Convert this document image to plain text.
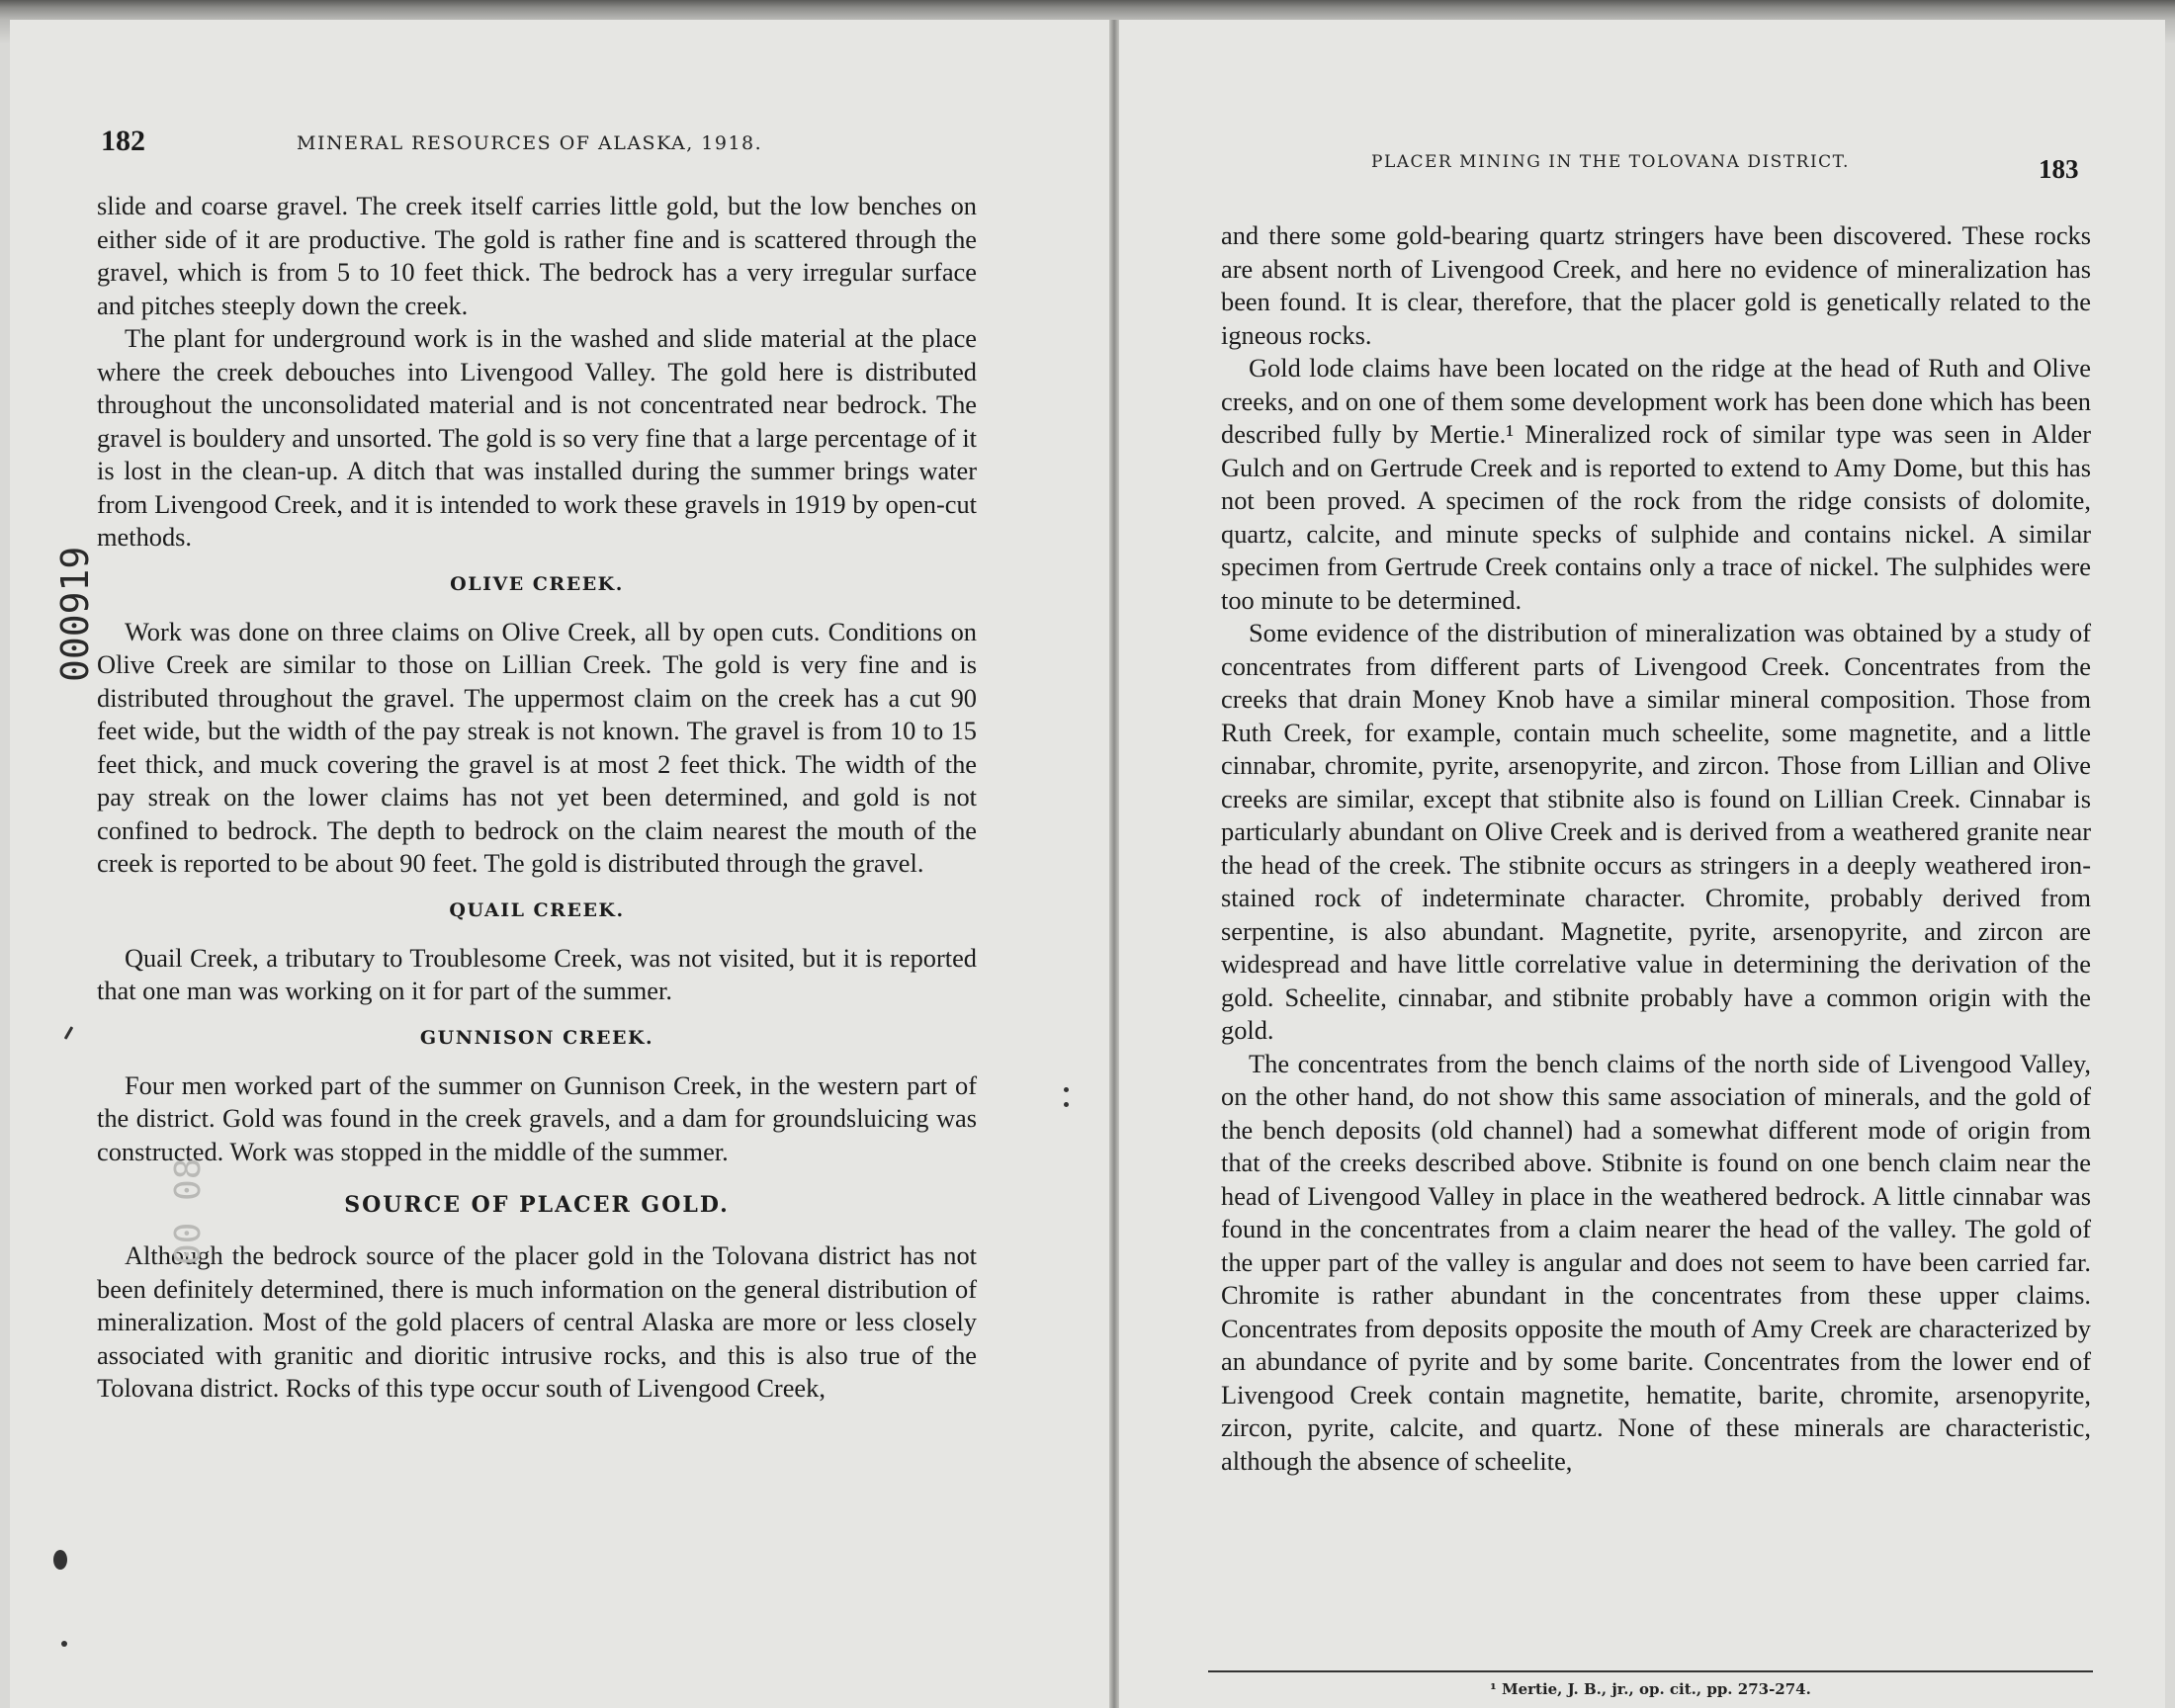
182	MINERAL RESOURCES OF ALASKA, 1918.

slide and coarse gravel. The creek itself carries little gold, but the low benches on either side of it are productive. The gold is rather fine and is scattered through the gravel, which is from 5 to 10 feet thick. The bedrock has a very irregular surface and pitches steeply down the creek.

The plant for underground work is in the washed and slide material at the place where the creek debouches into Livengood Valley. The gold here is distributed throughout the unconsolidated material and is not concentrated near bedrock. The gravel is bouldery and unsorted. The gold is so very fine that a large percentage of it is lost in the clean-up. A ditch that was installed during the summer brings water from Livengood Creek, and it is intended to work these gravels in 1919 by open-cut methods.

OLIVE CREEK.

Work was done on three claims on Olive Creek, all by open cuts. Conditions on Olive Creek are similar to those on Lillian Creek. The gold is very fine and is distributed throughout the gravel. The uppermost claim on the creek has a cut 90 feet wide, but the width of the pay streak is not known. The gravel is from 10 to 15 feet thick, and muck covering the gravel is at most 2 feet thick. The width of the pay streak on the lower claims has not yet been determined, and gold is not confined to bedrock. The depth to bedrock on the claim nearest the mouth of the creek is reported to be about 90 feet. The gold is distributed through the gravel.

QUAIL CREEK.

Quail Creek, a tributary to Troublesome Creek, was not visited, but it is reported that one man was working on it for part of the summer.

GUNNISON CREEK.

Four men worked part of the summer on Gunnison Creek, in the western part of the district. Gold was found in the creek gravels, and a dam for groundsluicing was constructed. Work was stopped in the middle of the summer.

SOURCE OF PLACER GOLD.

Although the bedrock source of the placer gold in the Tolovana district has not been definitely determined, there is much information on the general distribution of mineralization. Most of the gold placers of central Alaska are more or less closely associated with granitic and dioritic intrusive rocks, and this is also true of the Tolovana district. Rocks of this type occur south of Livengood Creek,

000919
00 08
PLACER MINING IN THE TOLOVANA DISTRICT.	183

and there some gold-bearing quartz stringers have been discovered. These rocks are absent north of Livengood Creek, and here no evidence of mineralization has been found. It is clear, therefore, that the placer gold is genetically related to the igneous rocks.

Gold lode claims have been located on the ridge at the head of Ruth and Olive creeks, and on one of them some development work has been done which has been described fully by Mertie.¹ Mineralized rock of similar type was seen in Alder Gulch and on Gertrude Creek and is reported to extend to Amy Dome, but this has not been proved. A specimen of the rock from the ridge consists of dolomite, quartz, calcite, and minute specks of sulphide and contains nickel. A similar specimen from Gertrude Creek contains only a trace of nickel. The sulphides were too minute to be determined.

Some evidence of the distribution of mineralization was obtained by a study of concentrates from different parts of Livengood Creek. Concentrates from the creeks that drain Money Knob have a similar mineral composition. Those from Ruth Creek, for example, contain much scheelite, some magnetite, and a little cinnabar, chromite, pyrite, arsenopyrite, and zircon. Those from Lillian and Olive creeks are similar, except that stibnite also is found on Lillian Creek. Cinnabar is particularly abundant on Olive Creek and is derived from a weathered granite near the head of the creek. The stibnite occurs as stringers in a deeply weathered iron-stained rock of indeterminate character. Chromite, probably derived from serpentine, is also abundant. Magnetite, pyrite, arsenopyrite, and zircon are widespread and have little correlative value in determining the derivation of the gold. Scheelite, cinnabar, and stibnite probably have a common origin with the gold.

The concentrates from the bench claims of the north side of Livengood Valley, on the other hand, do not show this same association of minerals, and the gold of the bench deposits (old channel) had a somewhat different mode of origin from that of the creeks described above. Stibnite is found on one bench claim near the head of Livengood Valley in place in the weathered bedrock. A little cinnabar was found in the concentrates from a claim nearer the head of the valley. The gold of the upper part of the valley is angular and does not seem to have been carried far. Chromite is rather abundant in the concentrates from these upper claims. Concentrates from deposits opposite the mouth of Amy Creek are characterized by an abundance of pyrite and by some barite. Concentrates from the lower end of Livengood Creek contain magnetite, hematite, barite, chromite, arsenopyrite, zircon, pyrite, calcite, and quartz. None of these minerals are characteristic, although the absence of scheelite,

¹ Mertie, J. B., jr., op. cit., pp. 273-274.
